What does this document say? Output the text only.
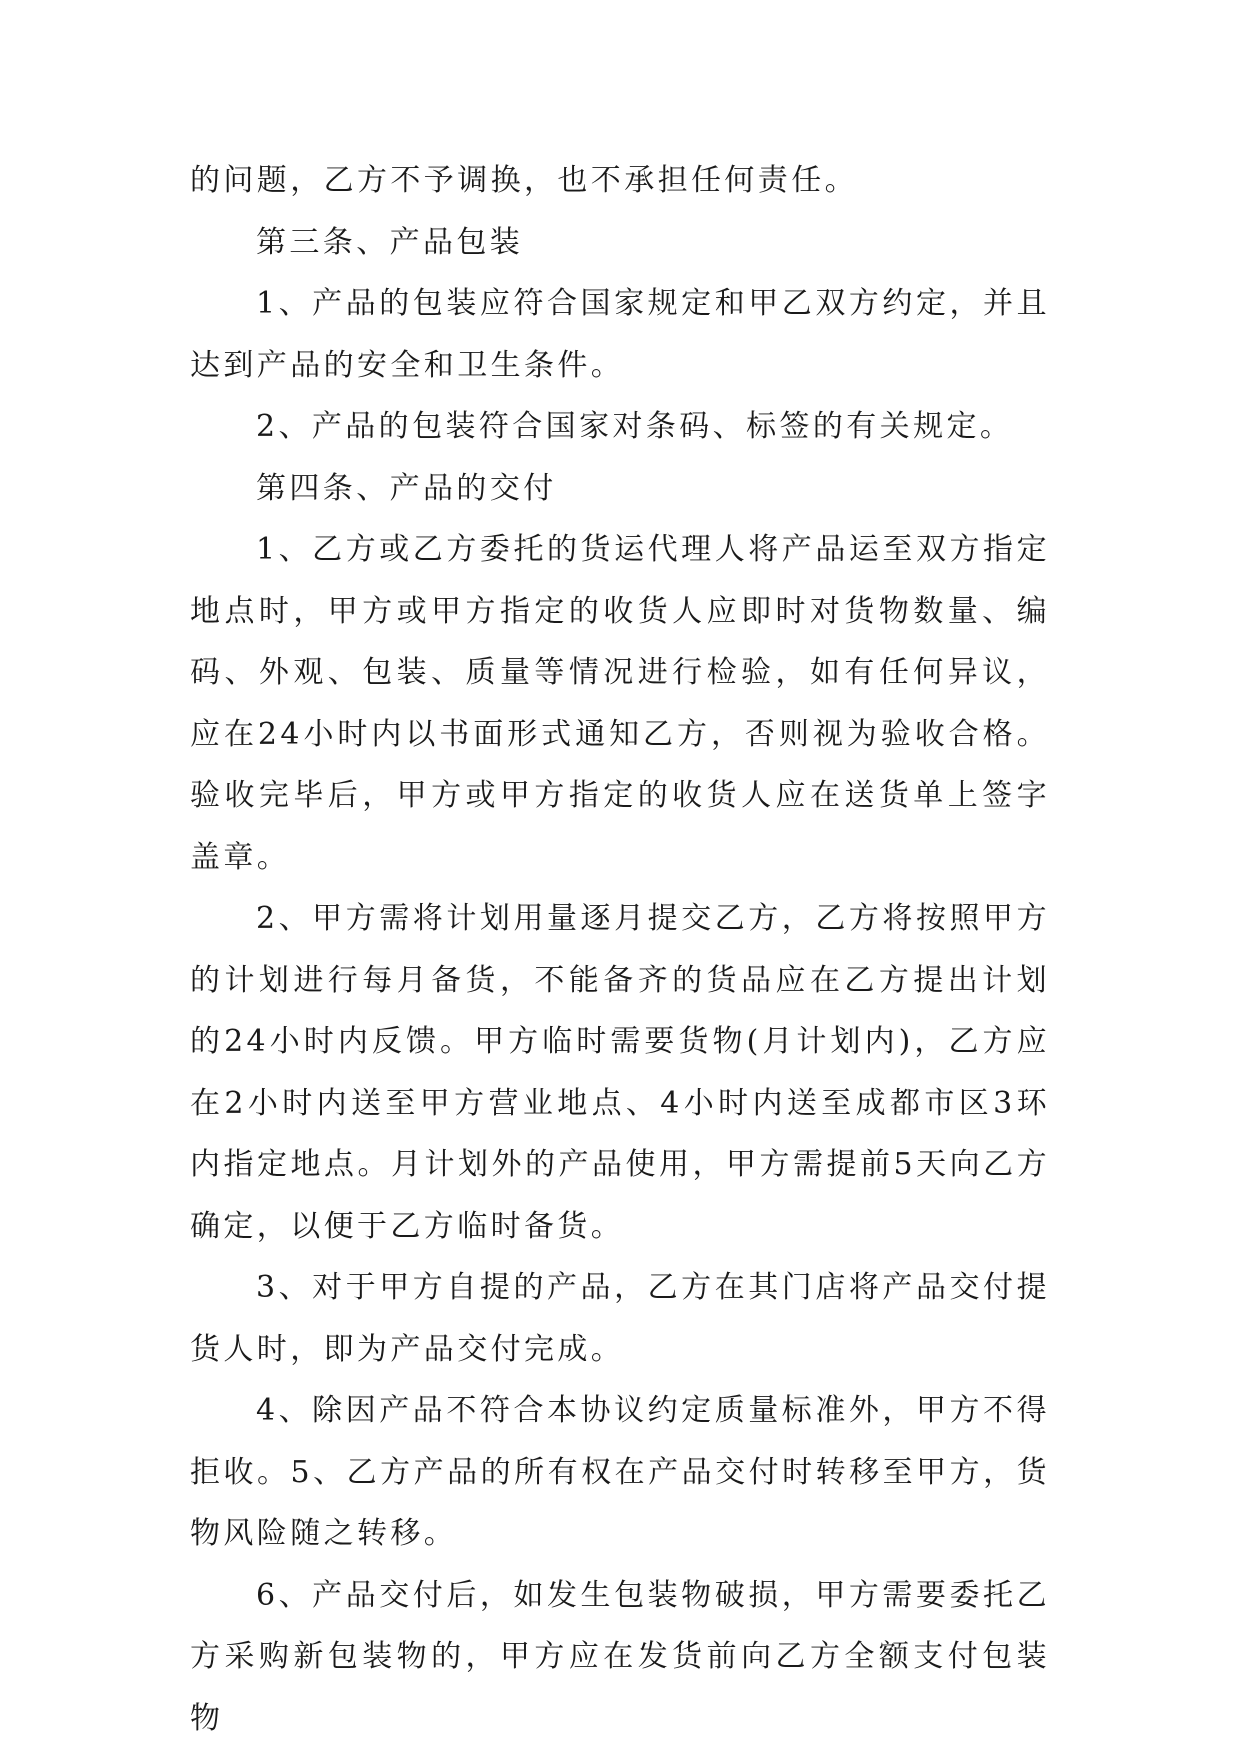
的问题，乙方不予调换，也不承担任何责任。

第三条、产品包装

1、产品的包装应符合国家规定和甲乙双方约定，并且达到产品的安全和卫生条件。

2、产品的包装符合国家对条码、标签的有关规定。

第四条、产品的交付

1、乙方或乙方委托的货运代理人将产品运至双方指定地点时，甲方或甲方指定的收货人应即时对货物数量、编码、外观、包装、质量等情况进行检验，如有任何异议，应在24小时内以书面形式通知乙方，否则视为验收合格。验收完毕后，甲方或甲方指定的收货人应在送货单上签字盖章。

2、甲方需将计划用量逐月提交乙方，乙方将按照甲方的计划进行每月备货，不能备齐的货品应在乙方提出计划的24小时内反馈。甲方临时需要货物(月计划内)，乙方应在2小时内送至甲方营业地点、4小时内送至成都市区3环内指定地点。月计划外的产品使用，甲方需提前5天向乙方确定，以便于乙方临时备货。

3、对于甲方自提的产品，乙方在其门店将产品交付提货人时，即为产品交付完成。

4、除因产品不符合本协议约定质量标准外，甲方不得拒收。5、乙方产品的所有权在产品交付时转移至甲方，货物风险随之转移。

6、产品交付后，如发生包装物破损，甲方需要委托乙方采购新包装物的，甲方应在发货前向乙方全额支付包装物
